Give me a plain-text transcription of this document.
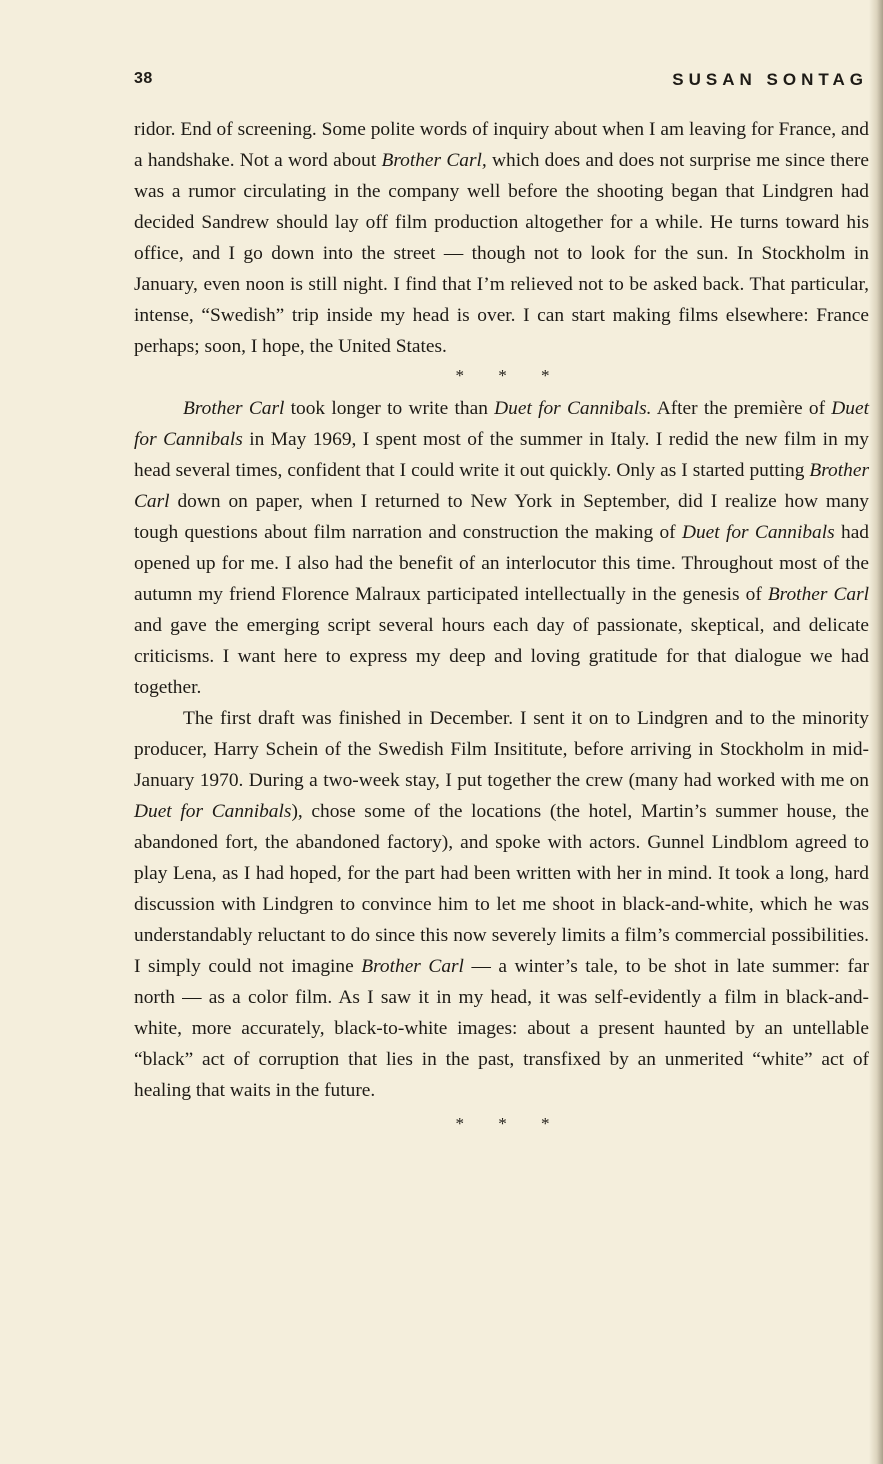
38	SUSAN SONTAG

ridor. End of screening. Some polite words of inquiry about when I am leaving for France, and a handshake. Not a word about Brother Carl, which does and does not surprise me since there was a rumor circulating in the company well before the shooting began that Lindgren had decided Sandrew should lay off film production altogether for a while. He turns toward his office, and I go down into the street — though not to look for the sun. In Stockholm in January, even noon is still night. I find that I’m relieved not to be asked back. That particular, intense, “Swedish” trip inside my head is over. I can start making films elsewhere: France perhaps; soon, I hope, the United States.

* * *

Brother Carl took longer to write than Duet for Cannibals. After the première of Duet for Cannibals in May 1969, I spent most of the summer in Italy. I redid the new film in my head several times, confident that I could write it out quickly. Only as I started putting Brother Carl down on paper, when I returned to New York in September, did I realize how many tough questions about film narration and construction the making of Duet for Cannibals had opened up for me. I also had the benefit of an interlocutor this time. Throughout most of the autumn my friend Florence Malraux participated intellectually in the genesis of Brother Carl and gave the emerging script several hours each day of passionate, skeptical, and delicate criticisms. I want here to express my deep and loving gratitude for that dialogue we had together.

The first draft was finished in December. I sent it on to Lindgren and to the minority producer, Harry Schein of the Swedish Film Insititute, before arriving in Stockholm in mid-January 1970. During a two-week stay, I put together the crew (many had worked with me on Duet for Cannibals), chose some of the locations (the hotel, Martin’s summer house, the abandoned fort, the abandoned factory), and spoke with actors. Gunnel Lindblom agreed to play Lena, as I had hoped, for the part had been written with her in mind. It took a long, hard discussion with Lindgren to convince him to let me shoot in black-and-white, which he was understandably reluctant to do since this now severely limits a film’s commercial possibilities. I simply could not imagine Brother Carl — a winter’s tale, to be shot in late summer: far north — as a color film. As I saw it in my head, it was self-evidently a film in black-and-white, more accurately, black-to-white images: about a present haunted by an untellable “black” act of corruption that lies in the past, transfixed by an unmerited “white” act of healing that waits in the future.

* * *
